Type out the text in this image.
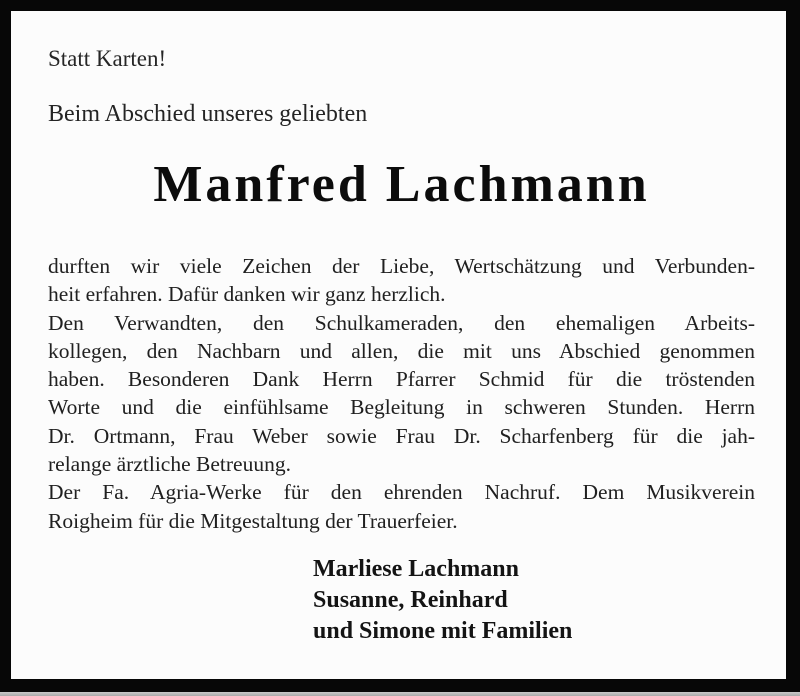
Statt Karten!
Beim Abschied unseres geliebten
Manfred Lachmann
durften wir viele Zeichen der Liebe, Wertschätzung und Verbunden-
heit erfahren. Dafür danken wir ganz herzlich.
Den Verwandten, den Schulkameraden, den ehemaligen Arbeits-
kollegen, den Nachbarn und allen, die mit uns Abschied genommen
haben. Besonderen Dank Herrn Pfarrer Schmid für die tröstenden
Worte und die einfühlsame Begleitung in schweren Stunden. Herrn
Dr. Ortmann, Frau Weber sowie Frau Dr. Scharfenberg für die jah-
relange ärztliche Betreuung.
Der Fa. Agria-Werke für den ehrenden Nachruf. Dem Musikverein
Roigheim für die Mitgestaltung der Trauerfeier.
Marliese Lachmann
Susanne, Reinhard
und Simone mit Familien
